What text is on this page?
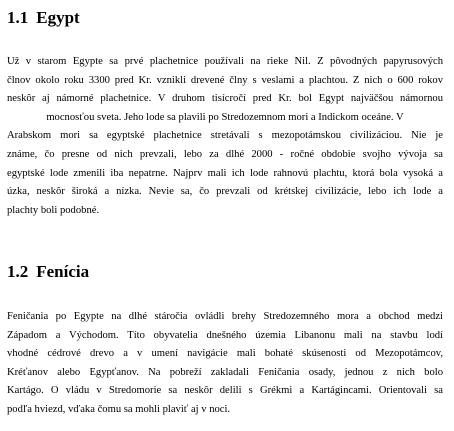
1.1 Egypt
Už v starom Egypte sa prvé plachetnice používali na rieke Nil. Z pôvodných papyrusových
člnov okolo roku 3300 pred Kr. vznikli drevené člny s veslami a plachtou. Z nich o 600 rokov
neskôr aj námorné plachetnice. V druhom tisícročí pred Kr. bol Egypt najväčšou námornou
mocnosťou sveta. Jeho lode sa plavili po Stredozemnom mori a Indickom oceáne. V
Arabskom mori sa egyptské plachetnice stretávali s mezopotámskou civilizáciou. Nie je
známe, čo presne od nich prevzali, lebo za dlhé 2000 - ročné obdobie svojho vývoja sa
egyptské lode zmenili iba nepatrne. Najprv mali ich lode rahnovú plachtu, ktorá bola vysoká a
úzka, neskôr široká a nízka. Nevie sa, čo prevzali od krétskej civilizácie, lebo ich lode a
plachty boli podobné.
1.2 Fenícia
Feničania po Egypte na dlhé stáročia ovládli brehy Stredozemného mora a obchod medzi
Západom a Východom. Títo obyvatelia dnešného územia Libanonu mali na stavbu lodí
vhodné cédrové drevo a v umení navigácie mali bohaté skúsenosti od Mezopotámcov,
Kréťanov alebo Egypťanov. Na pobreží zakladali Feničania osady, jednou z nich bolo
Kartágo. O vládu v Stredomorie sa neskôr delili s Grékmi a Kartágincami. Orientovali sa
podľa hviezd, vďaka čomu sa mohli plaviť aj v noci.
